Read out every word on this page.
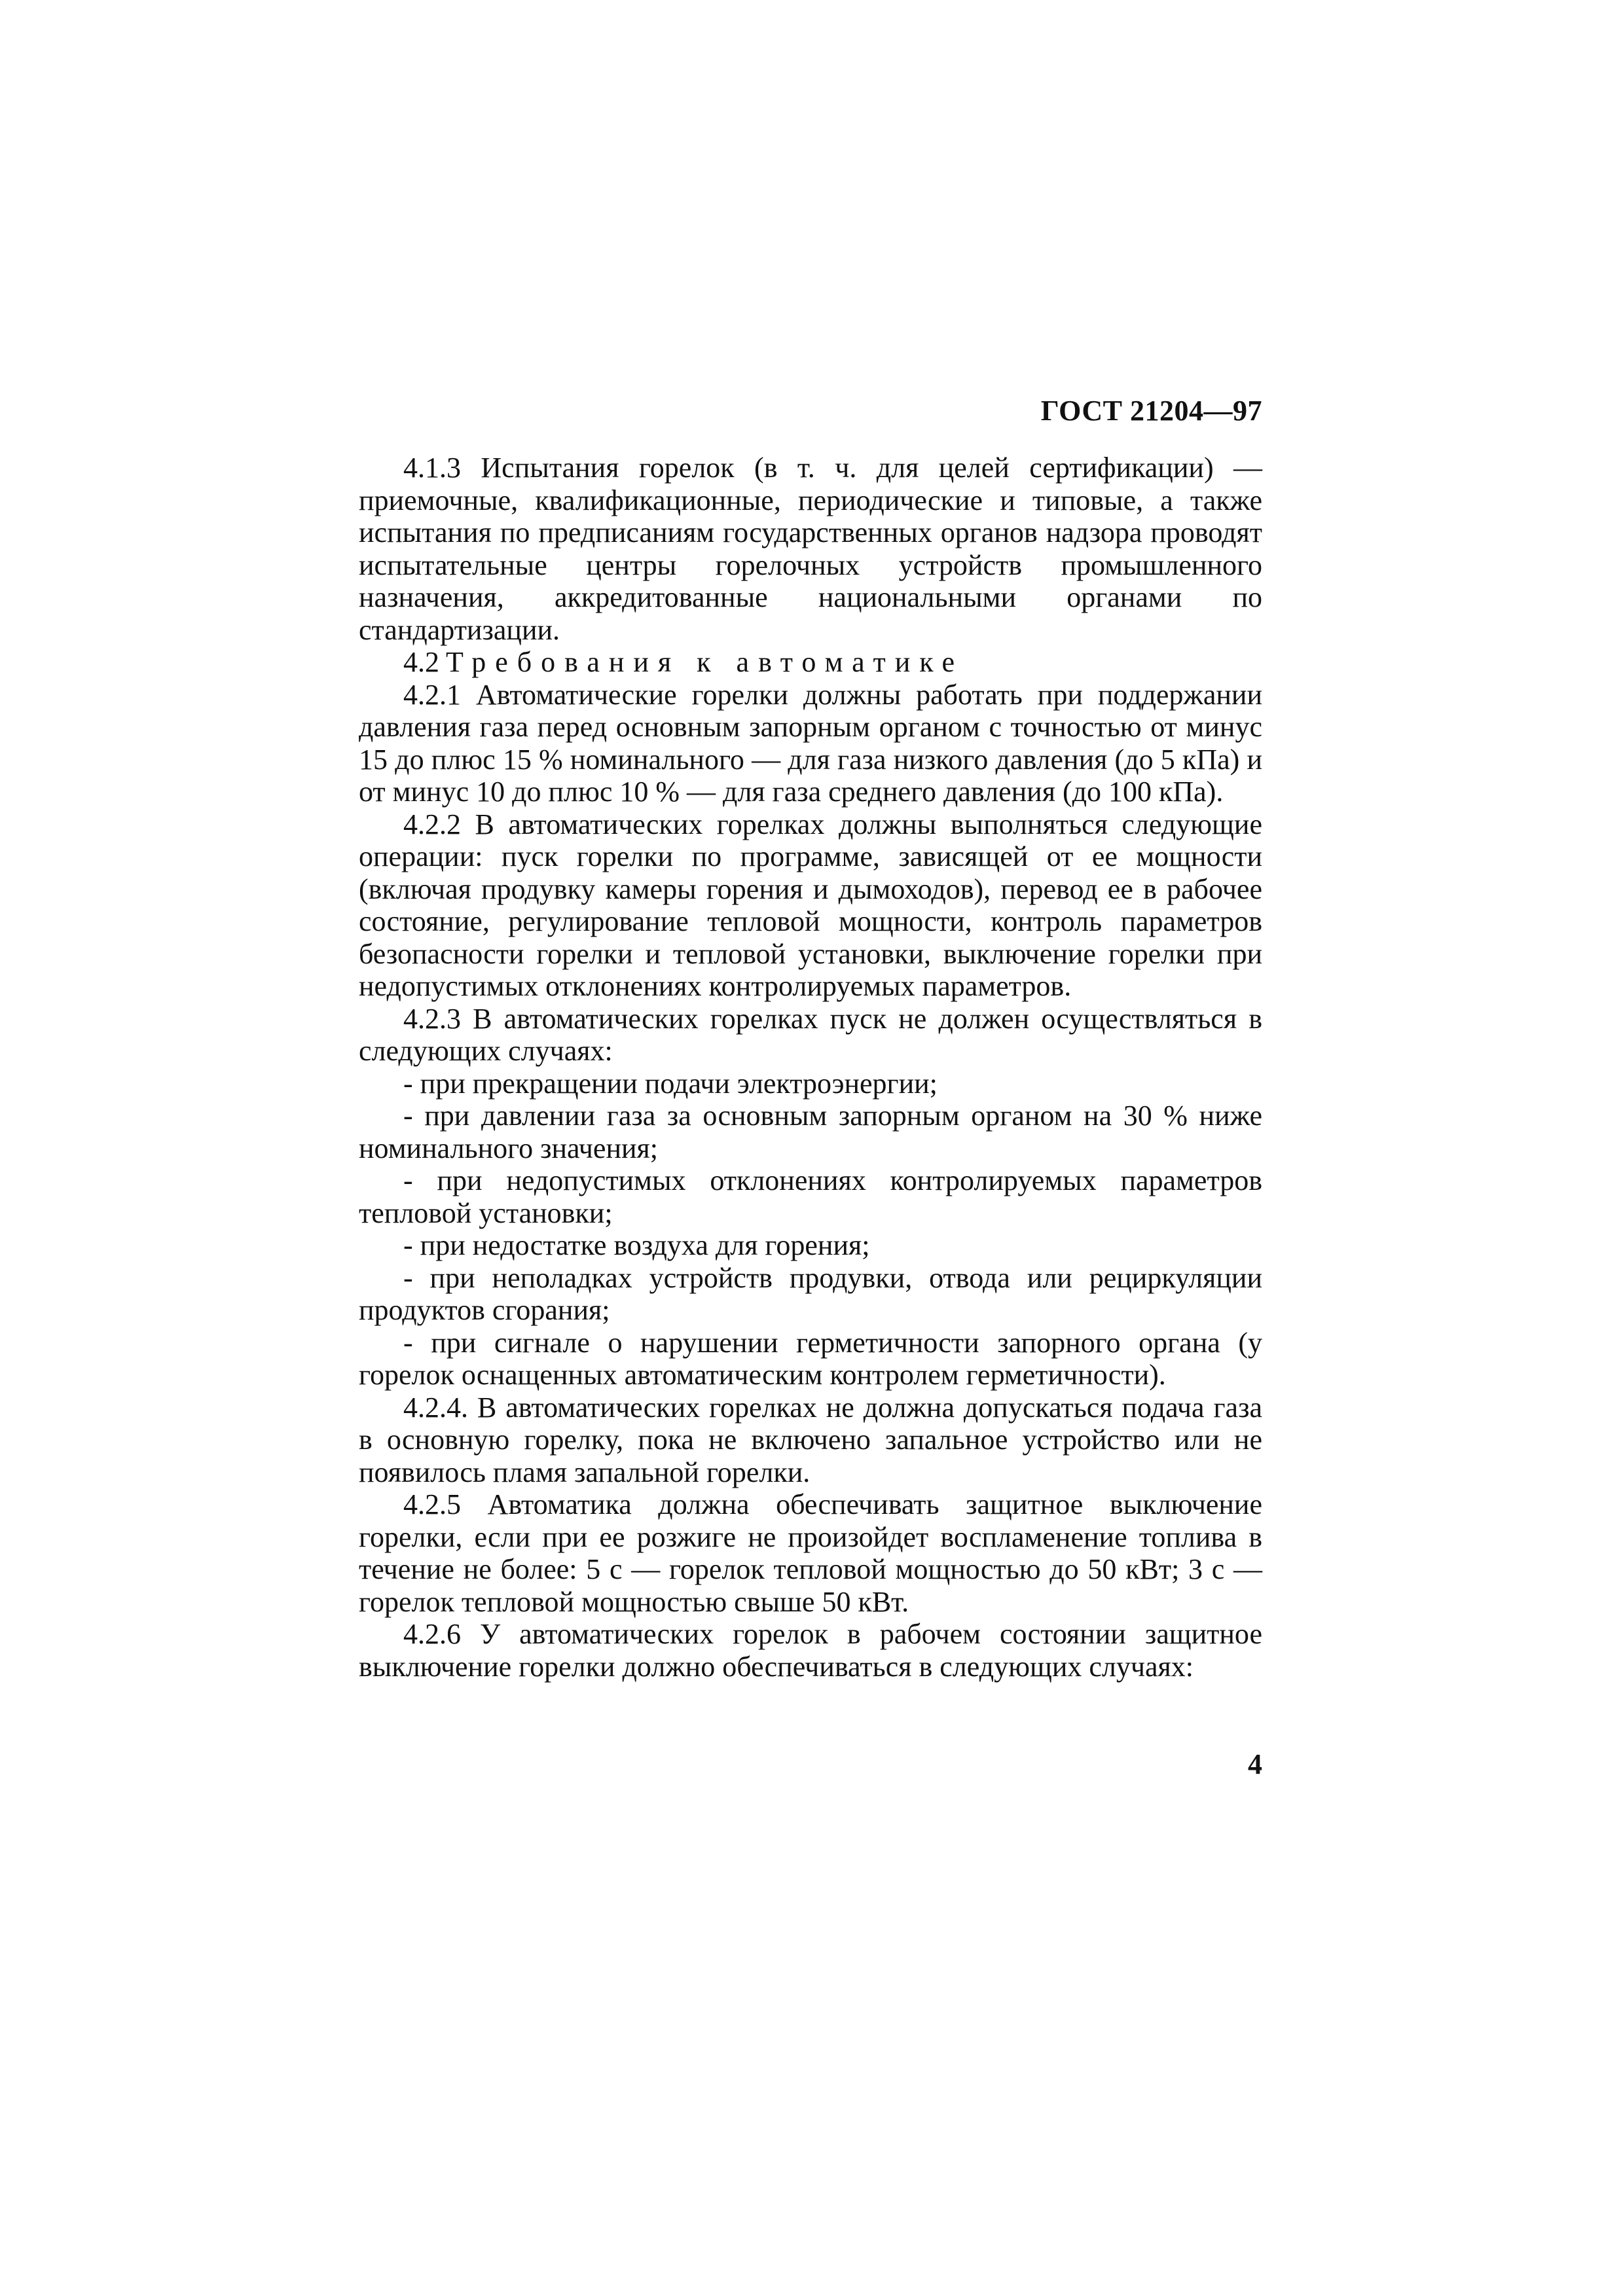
ГОСТ 21204—97

4.1.3 Испытания горелок (в т. ч. для целей сертификации) — приемочные, квалификационные, периодические и типовые, а также испытания по предписаниям государственных органов надзора проводят испытательные центры горелочных устройств промышленного назначения, аккредитованные национальными органами по стандартизации.

4.2 Требования к автоматике

4.2.1 Автоматические горелки должны работать при поддержании давления газа перед основным запорным органом с точностью от минус 15 до плюс 15 % номинального — для газа низкого давления (до 5 кПа) и от минус 10 до плюс 10 % — для газа среднего давления (до 100 кПа).

4.2.2 В автоматических горелках должны выполняться следующие операции: пуск горелки по программе, зависящей от ее мощности (включая продувку камеры горения и дымоходов), перевод ее в рабочее состояние, регулирование тепловой мощности, контроль параметров безопасности горелки и тепловой установки, выключение горелки при недопустимых отклонениях контролируемых параметров.

4.2.3 В автоматических горелках пуск не должен осуществляться в следующих случаях:

- при прекращении подачи электроэнергии;

- при давлении газа за основным запорным органом на 30 % ниже номинального значения;

- при недопустимых отклонениях контролируемых параметров тепловой установки;

- при недостатке воздуха для горения;

- при неполадках устройств продувки, отвода или рециркуляции продуктов сгорания;

- при сигнале о нарушении герметичности запорного органа (у горелок оснащенных автоматическим контролем герметичности).

4.2.4. В автоматических горелках не должна допускаться подача газа в основную горелку, пока не включено запальное устройство или не появилось пламя запальной горелки.

4.2.5 Автоматика должна обеспечивать защитное выключение горелки, если при ее розжиге не произойдет воспламенение топлива в течение не более: 5 с — горелок тепловой мощностью до 50 кВт; 3 с — горелок тепловой мощностью свыше 50 кВт.

4.2.6 У автоматических горелок в рабочем состоянии защитное выключение горелки должно обеспечиваться в следующих случаях:

4
